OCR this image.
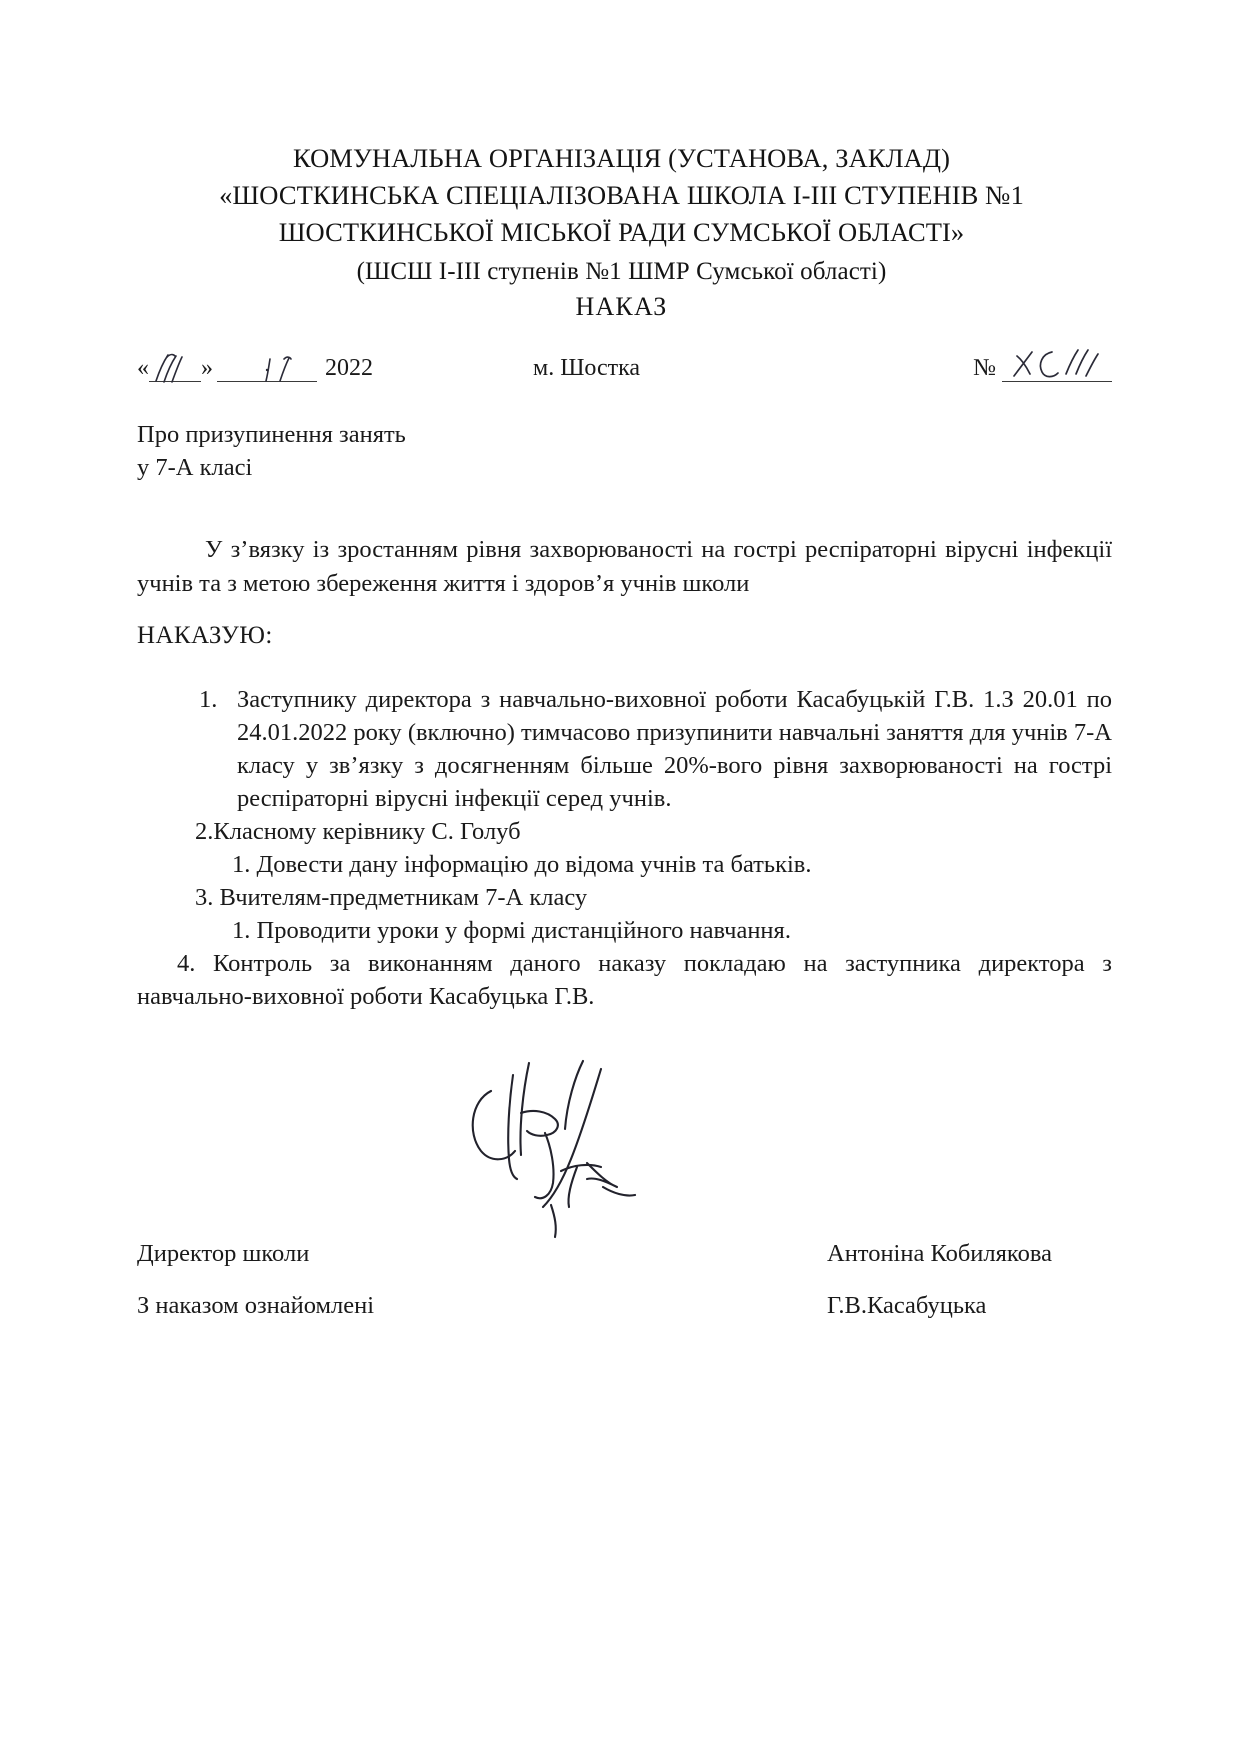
КОМУНАЛЬНА ОРГАНІЗАЦІЯ (УСТАНОВА, ЗАКЛАД)
«ШОСТКИНСЬКА СПЕЦІАЛІЗОВАНА ШКОЛА I-III СТУПЕНІВ №1
ШОСТКИНСЬКОЇ МІСЬКОЇ РАДИ СУМСЬКОЇ ОБЛАСТІ»
(ШСШ I-III ступенів №1 ШМР Сумської області)
НАКАЗ
« »	2022	м. Шостка	№
Про призупинення занять
у 7-А класі
У з’вязку із зростанням рівня захворюваності на гострі респіраторні вірусні інфекції учнів та з метою збереження життя і здоров’я учнів школи
НАКАЗУЮ:
1. Заступнику директора з навчально-виховної роботи Касабуцькій Г.В. 1.З 20.01 по 24.01.2022 року (включно) тимчасово призупинити навчальні заняття для учнів 7-А класу у зв’язку з досягненням більше 20%-вого рівня захворюваності на гострі респіраторні вірусні інфекції серед учнів.
2.Класному керівнику С. Голуб
1. Довести дану інформацію до відома учнів та батьків.
3. Вчителям-предметникам 7-А класу
1. Проводити уроки у формі дистанційного навчання.
4. Контроль за виконанням даного наказу покладаю на заступника директора з навчально-виховної роботи Касабуцька Г.В.
Директор школи	Антоніна Кобилякова
З наказом ознайомлені	Г.В.Касабуцька
